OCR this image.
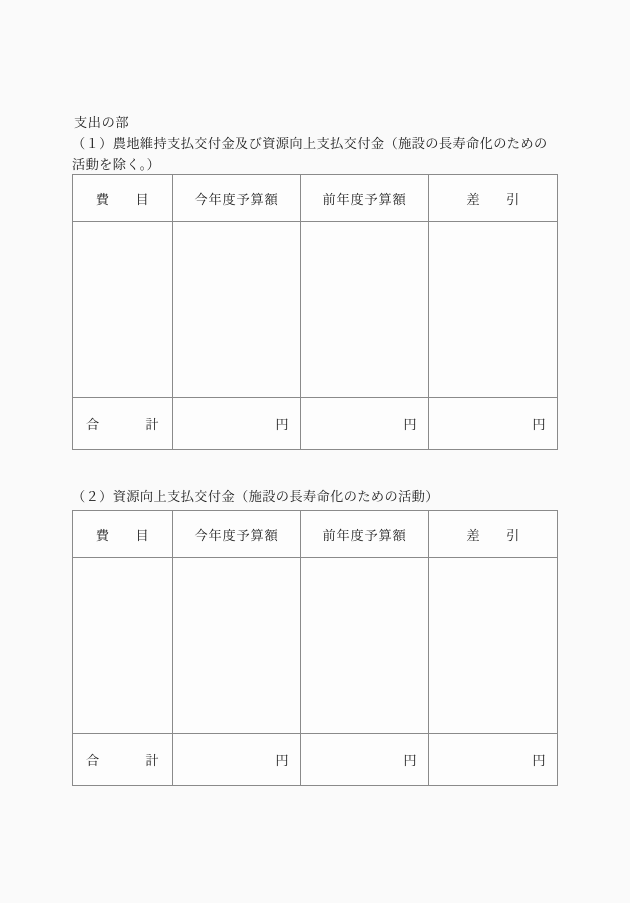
支出の部
（１）農地維持支払交付金及び資源向上支払交付金（施設の長寿命化のための活動を除く。）
費 目	今年度予算額	前年度予算額	差 引

合 計	円	円	円
（２）資源向上支払交付金（施設の長寿命化のための活動）
費 目	今年度予算額	前年度予算額	差 引

合 計	円	円	円
